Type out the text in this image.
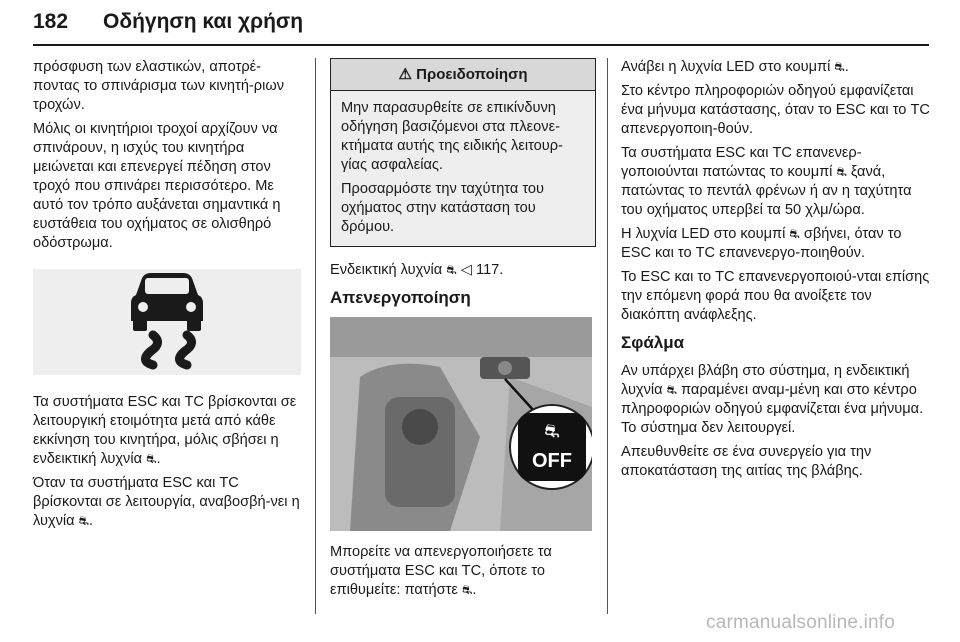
182 Οδήγηση και χρήση

πρόσφυση των ελαστικών, αποτρέ-πoντας το σπινάρισμα των κινητή-ριων τροχών.

Μόλις οι κινητήριοι τροχοί αρχίζουν να σπινάρουν, η ισχύς του κινητήρα μειώνεται και επενεργεί πέδηση στον τροχό που σπινάρει περισσότερο. Με αυτό τον τρόπο αυξάνεται σημαντικά η ευστάθεια του οχήματος σε ολισθηρό οδόστρωμα.

Τα συστήματα ESC και TC βρίσκονται σε λειτουργική ετοιμότητα μετά από κάθε εκκίνηση του κινητήρα, μόλις σβήσει η ενδεικτική λυχνία ⛐.

Όταν τα συστήματα ESC και TC βρίσκονται σε λειτουργία, αναβοσβή-νει η λυχνία ⛐.

⚠ Προειδοποίηση

Μην παρασυρθείτε σε επικίνδυνη οδήγηση βασιζόμενοι στα πλεονε-κτήματα αυτής της ειδικής λειτουρ-γίας ασφαλείας.

Προσαρμόστε την ταχύτητα του οχήματος στην κατάσταση του δρόμου.

Ενδεικτική λυχνία ⛐ ◁ 117.

Απενεργοποίηση
⛐
OFF

Μπορείτε να απενεργοποιήσετε τα συστήματα ESC και TC, όποτε το επιθυμείτε: πατήστε ⛐.

Ανάβει η λυχνία LED στο κουμπί ⛐.

Στο κέντρο πληροφοριών οδηγού εμφανίζεται ένα μήνυμα κατάστασης, όταν το ESC και το TC απενεργοποιη-θούν.

Τα συστήματα ESC και TC επανενερ-γοποιούνται πατώντας το κουμπί ⛐ ξανά, πατώντας το πεντάλ φρένων ή αν η ταχύτητα του οχήματος υπερβεί τα 50 χλμ/ώρα.

Η λυχνία LED στο κουμπί ⛐ σβήνει, όταν το ESC και το TC επανενεργο-ποιηθούν.

Το ESC και το TC επανενεργοποιού-νται επίσης την επόμενη φορά που θα ανοίξετε τον διακόπτη ανάφλεξης.

Σφάλμα

Αν υπάρχει βλάβη στο σύστημα, η ενδεικτική λυχνία ⛐ παραμένει αναμ-μένη και στο κέντρο πληροφοριών οδηγού εμφανίζεται ένα μήνυμα. Το σύστημα δεν λειτουργεί.

Απευθυνθείτε σε ένα συνεργείο για την αποκατάσταση της αιτίας της βλάβης.

carmanualsonline.info
